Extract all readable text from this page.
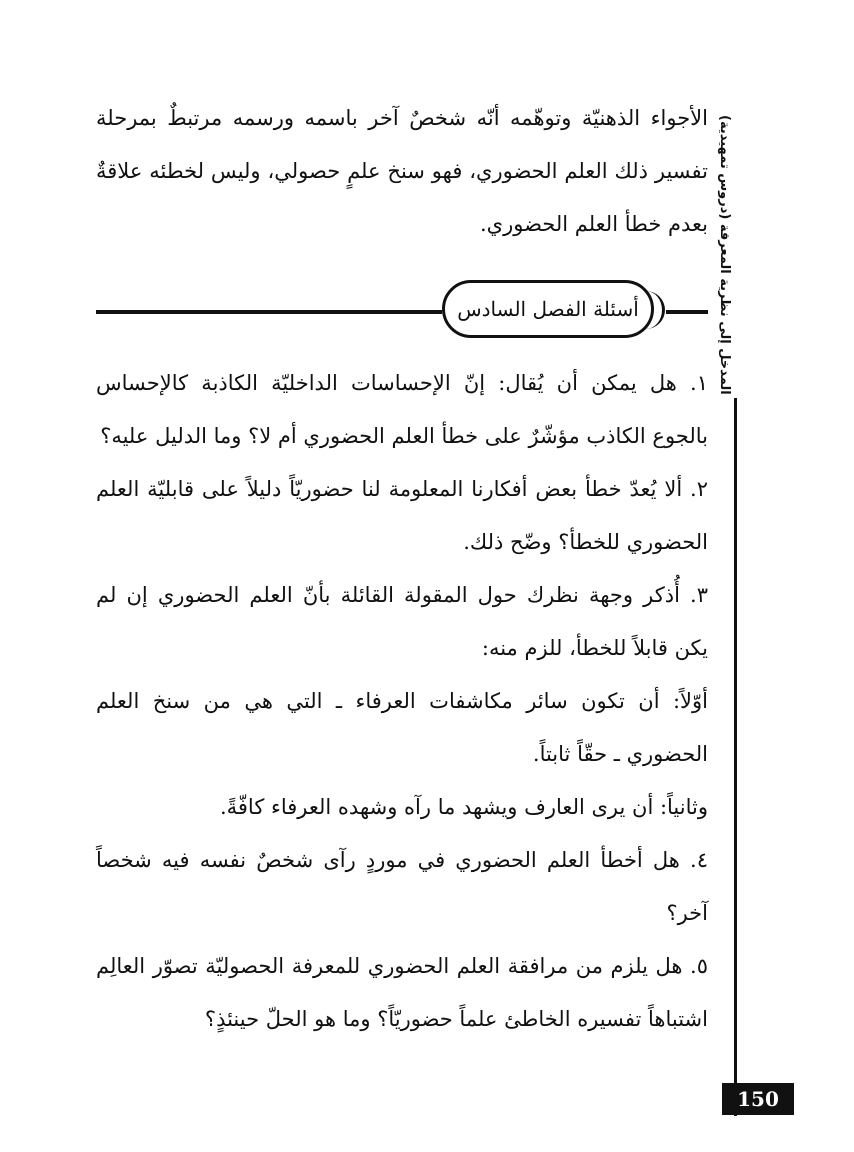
المدخل إلى نظرية المعرفة (دروس تمهيدية)

الأجواء الذهنيّة وتوهّمه أنّه شخصٌ آخر باسمه ورسمه مرتبطٌ بمرحلة تفسير ذلك العلم الحضوري، فهو سنخ علمٍ حصولي، وليس لخطئه علاقةٌ بعدم خطأ العلم الحضوري.

أسئلة الفصل السادس

١. هل يمكن أن يُقال: إنّ الإحساسات الداخليّة الكاذبة كالإحساس بالجوع الكاذب مؤشّرٌ على خطأ العلم الحضوري أم لا؟ وما الدليل عليه؟

٢. ألا يُعدّ خطأ بعض أفكارنا المعلومة لنا حضوريّاً دليلاً على قابليّة العلم الحضوري للخطأ؟ وضّح ذلك.

٣. أُذكر وجهة نظرك حول المقولة القائلة بأنّ العلم الحضوري إن لم يكن قابلاً للخطأ، للزم منه:

أوّلاً: أن تكون سائر مكاشفات العرفاء ـ التي هي من سنخ العلم الحضوري ـ حقّاً ثابتاً.

وثانياً: أن يرى العارف ويشهد ما رآه وشهده العرفاء كافّةً.

٤. هل أخطأ العلم الحضوري في موردٍ رآى شخصٌ نفسه فيه شخصاً آخر؟

٥. هل يلزم من مرافقة العلم الحضوري للمعرفة الحصوليّة تصوّر العالِم اشتباهاً تفسيره الخاطئ علماً حضوريّاً؟ وما هو الحلّ حينئذٍ؟

150
